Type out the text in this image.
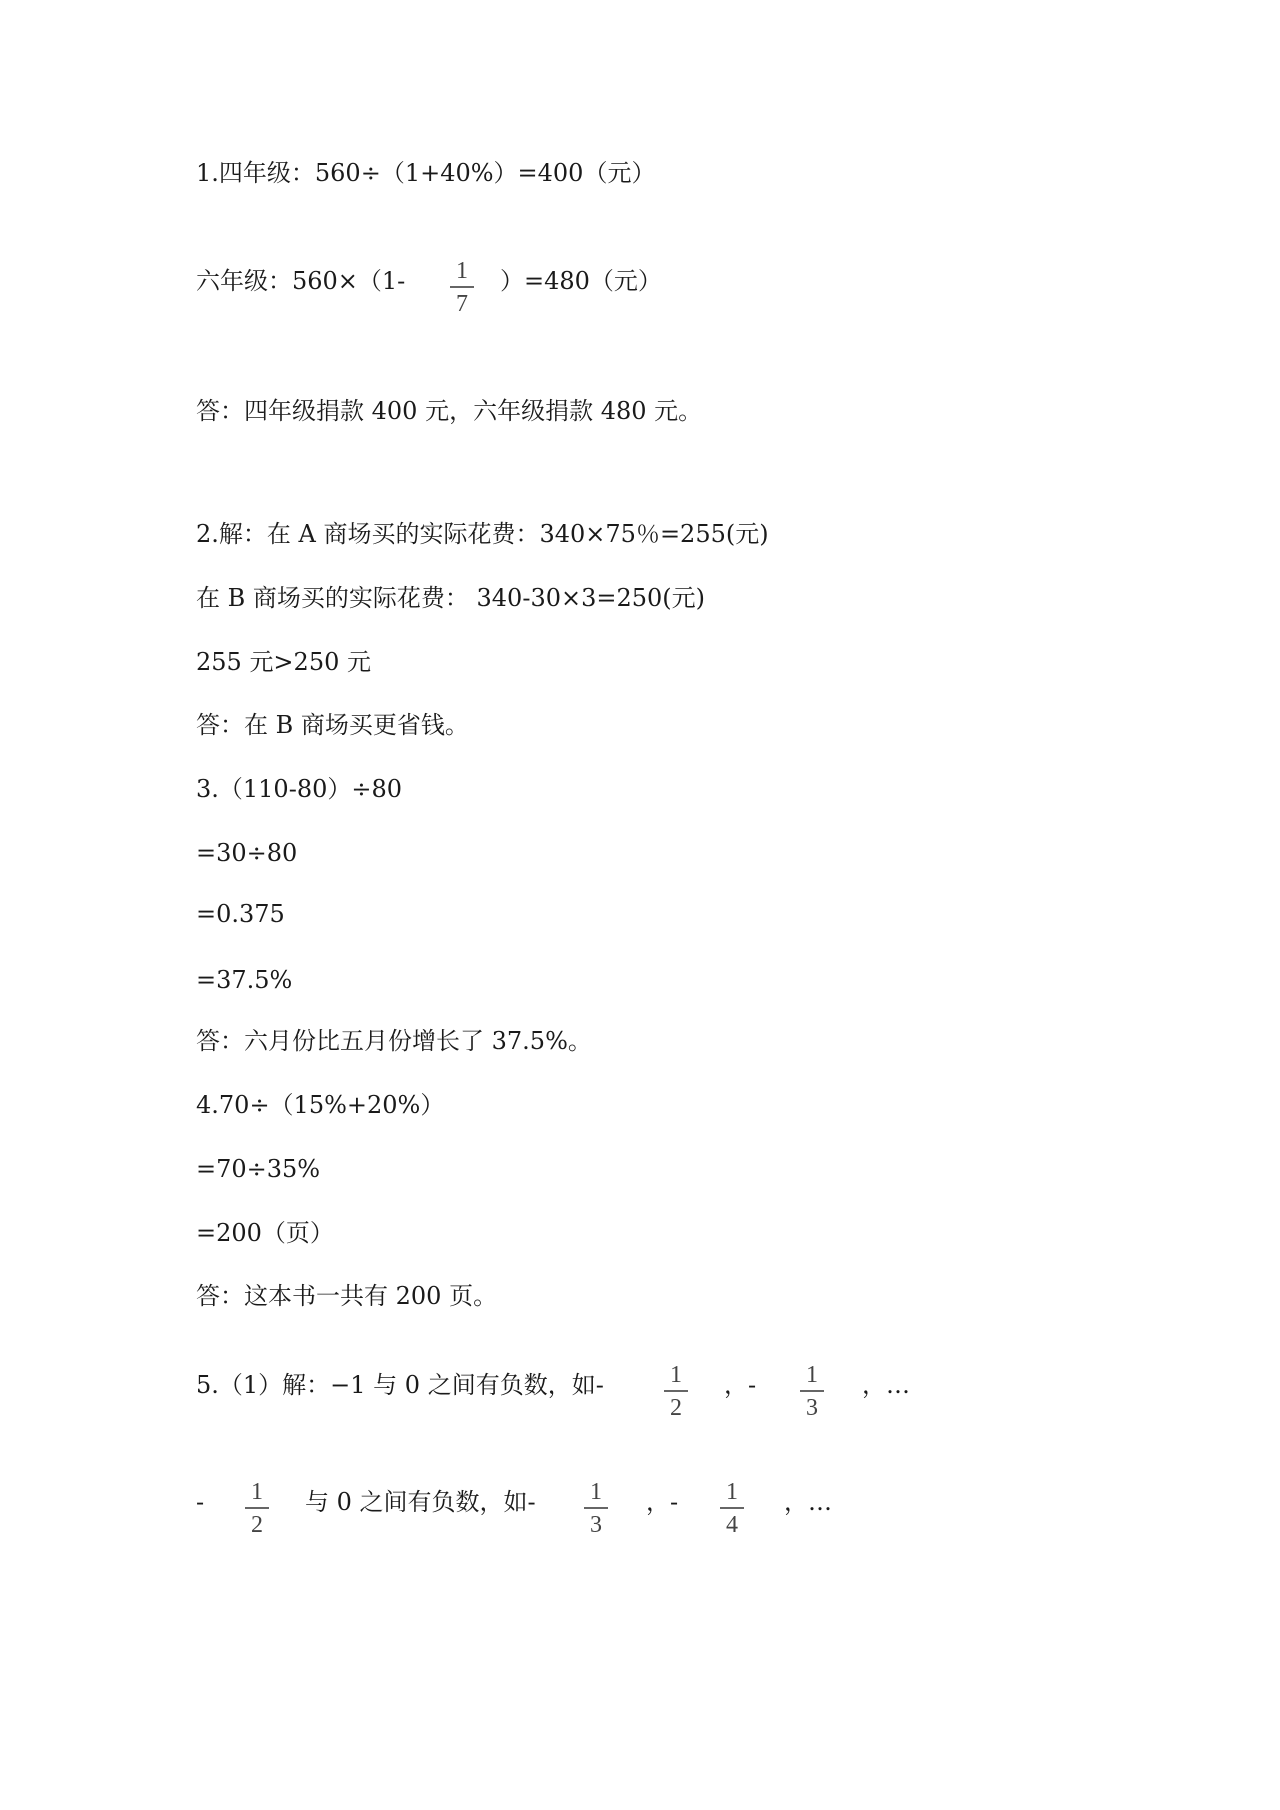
1.四年级：560÷（1+40%）=400（元）
六年级：560×（1- 1
7
）=480（元）
答：四年级捐款 400 元，六年级捐款 480 元。
2.解：在 A 商场买的实际花费：340×75％=255(元)
在 B 商场买的实际花费： 340-30×3=250(元)
255 元>250 元
答：在 B 商场买更省钱。
3.（110-80）÷80
=30÷80
=0.375
=37.5%
答：六月份比五月份增长了 37.5%。
4.70÷（15%+20%）
=70÷35%
=200（页）
答：这本书一共有 200 页。
5.（1）解：−1 与 0 之间有负数，如-	1
2
，- 1
3
，…
- 1
2
与 0 之间有负数，如- 1
3
，- 1
4
，…
